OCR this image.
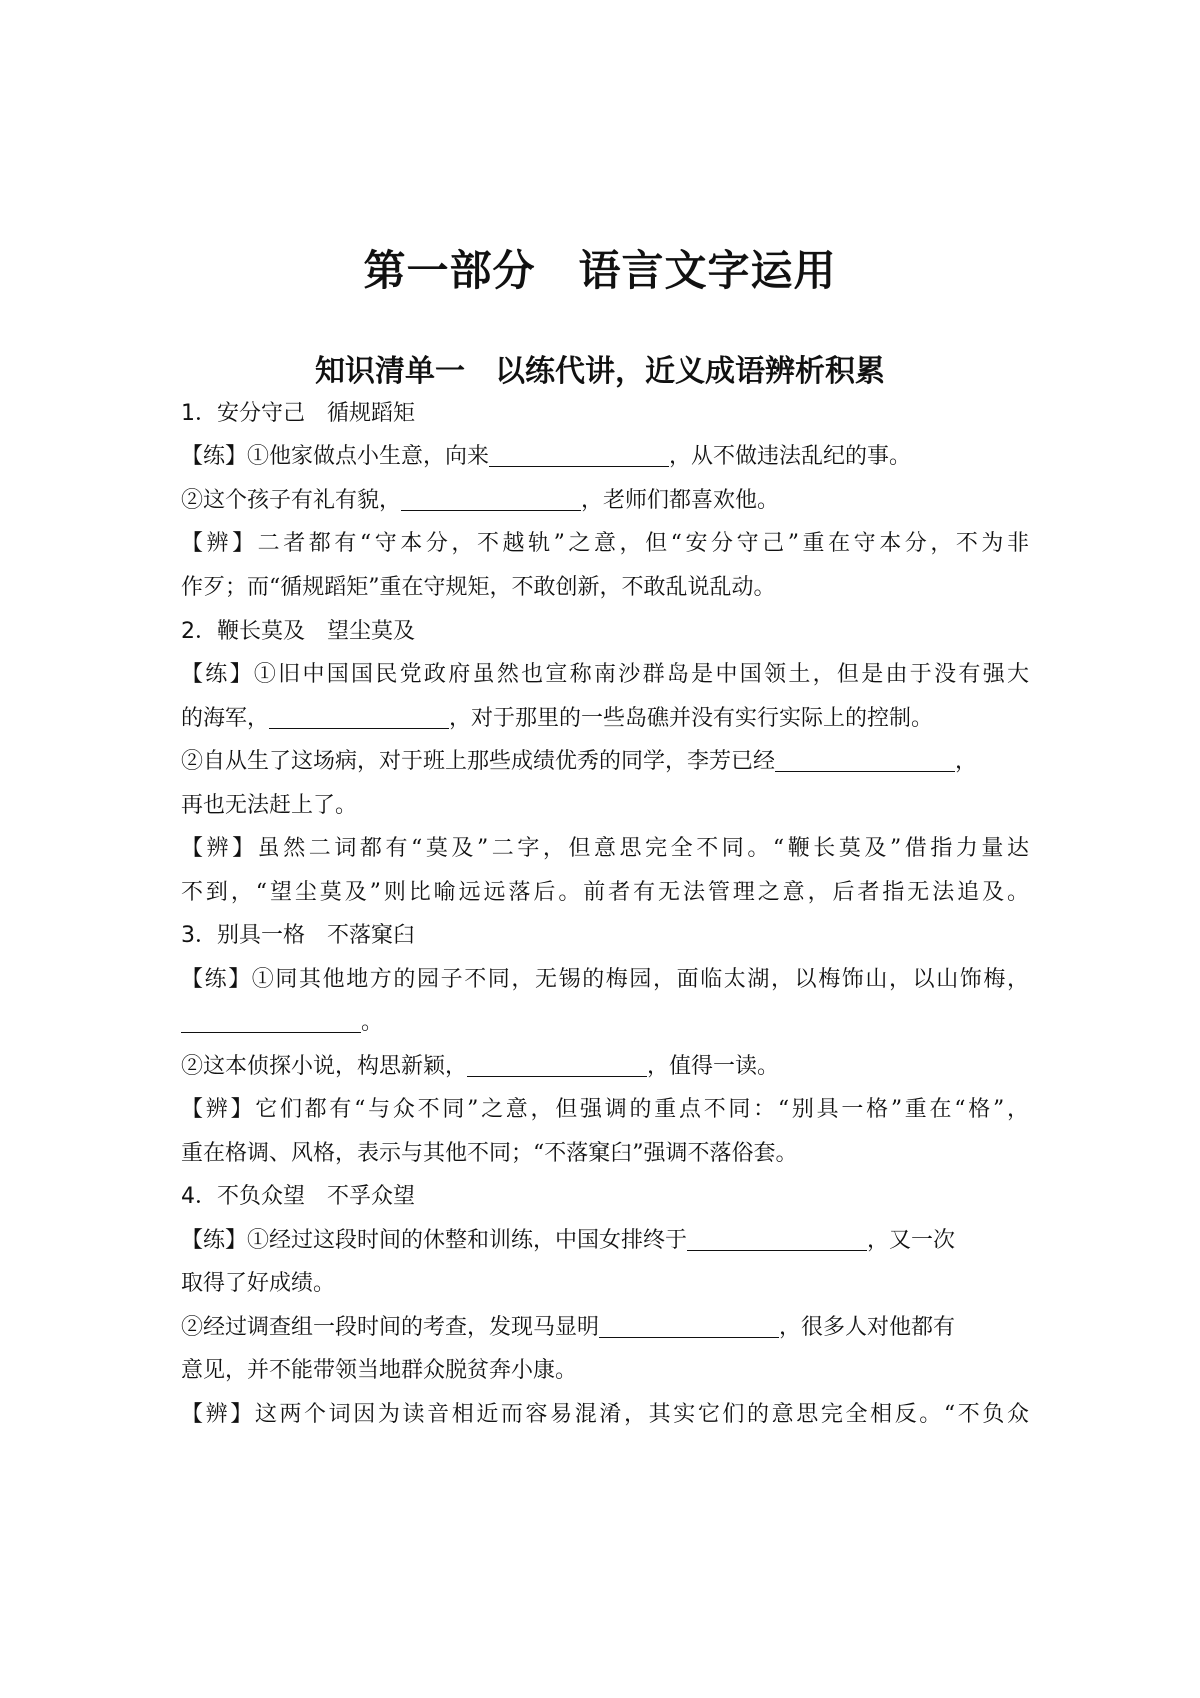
第一部分　语言文字运用
知识清单一　以练代讲，近义成语辨析积累
1．安分守己　循规蹈矩
【练】①他家做点小生意，向来	，从不做违法乱纪的事。
②这个孩子有礼有貌，	，老师们都喜欢他。
【辨】二者都有“守本分，不越轨”之意，但“安分守己”重在守本分，不为非
作歹；而“循规蹈矩”重在守规矩，不敢创新，不敢乱说乱动。
2．鞭长莫及　望尘莫及
【练】①旧中国国民党政府虽然也宣称南沙群岛是中国领土，但是由于没有强大
的海军，	，对于那里的一些岛礁并没有实行实际上的控制。
②自从生了这场病，对于班上那些成绩优秀的同学，李芳已经	，
再也无法赶上了。
【辨】虽然二词都有“莫及”二字，但意思完全不同。“鞭长莫及”借指力量达
不到，“望尘莫及”则比喻远远落后。前者有无法管理之意，后者指无法追及。
3．别具一格　不落窠臼
【练】①同其他地方的园子不同，无锡的梅园，面临太湖，以梅饰山，以山饰梅，
。
②这本侦探小说，构思新颖，	，值得一读。
【辨】它们都有“与众不同”之意，但强调的重点不同：“别具一格”重在“格”，
重在格调、风格，表示与其他不同；“不落窠臼”强调不落俗套。
4．不负众望　不孚众望
【练】①经过这段时间的休整和训练，中国女排终于	，又一次
取得了好成绩。
②经过调查组一段时间的考查，发现马显明	，很多人对他都有
意见，并不能带领当地群众脱贫奔小康。
【辨】这两个词因为读音相近而容易混淆，其实它们的意思完全相反。“不负众
